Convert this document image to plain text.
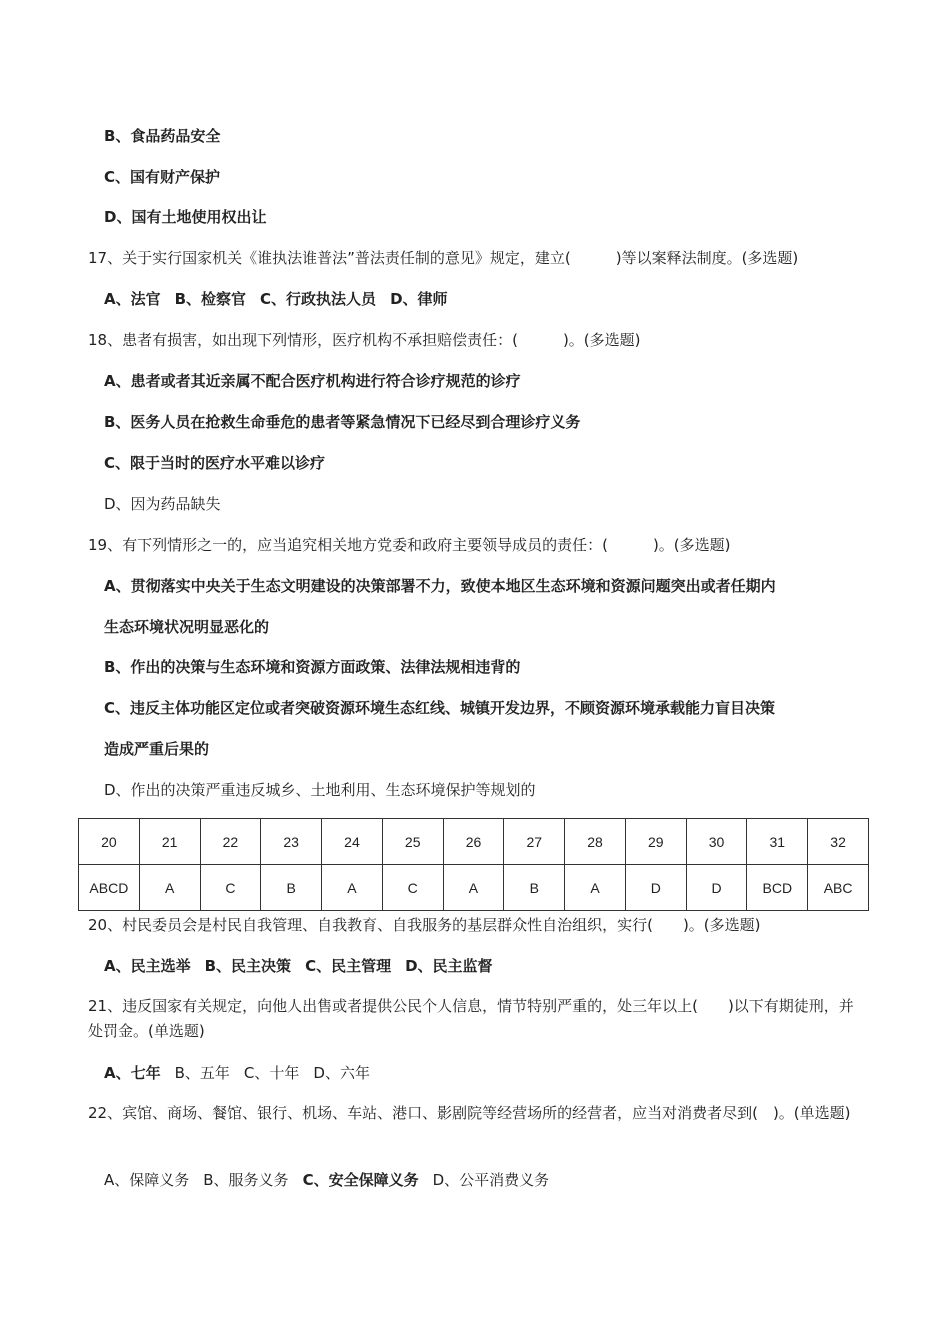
B、食品药品安全
C、国有财产保护
D、国有土地使用权出让
17、关于实行国家机关《谁执法谁普法”普法责任制的意见》规定，建立(　　　)等以案释法制度。(多选题)
A、法官 B、检察官 C、行政执法人员 D、律师
18、患者有损害，如出现下列情形，医疗机构不承担赔偿责任：(　　　)。(多选题)
A、患者或者其近亲属不配合医疗机构进行符合诊疗规范的诊疗
B、医务人员在抢救生命垂危的患者等紧急情况下已经尽到合理诊疗义务
C、限于当时的医疗水平难以诊疗
D、因为药品缺失
19、有下列情形之一的，应当追究相关地方党委和政府主要领导成员的责任：(　　　)。(多选题)
A、贯彻落实中央关于生态文明建设的决策部署不力，致使本地区生态环境和资源问题突出或者任期内
生态环境状况明显恶化的
B、作出的决策与生态环境和资源方面政策、法律法规相违背的
C、违反主体功能区定位或者突破资源环境生态红线、城镇开发边界，不顾资源环境承载能力盲目决策
造成严重后果的
D、作出的决策严重违反城乡、土地利用、生态环境保护等规划的
20	21	22	23	24	25	26	27	28	29	30	31	32
ABCD	A	C	B	A	C	A	B	A	D	D	BCD	ABC
20、村民委员会是村民自我管理、自我教育、自我服务的基层群众性自治组织，实行(　　)。(多选题)
A、民主选举 B、民主决策 C、民主管理 D、民主监督
21、违反国家有关规定，向他人出售或者提供公民个人信息，情节特别严重的，处三年以上(　　)以下有期徒刑，并处罚金。(单选题)
A、七年 B、五年 C、十年 D、六年
22、宾馆、商场、餐馆、银行、机场、车站、港口、影剧院等经营场所的经营者，应当对消费者尽到(　)。(单选题)
A、保障义务 B、服务义务 C、安全保障义务 D、公平消费义务
